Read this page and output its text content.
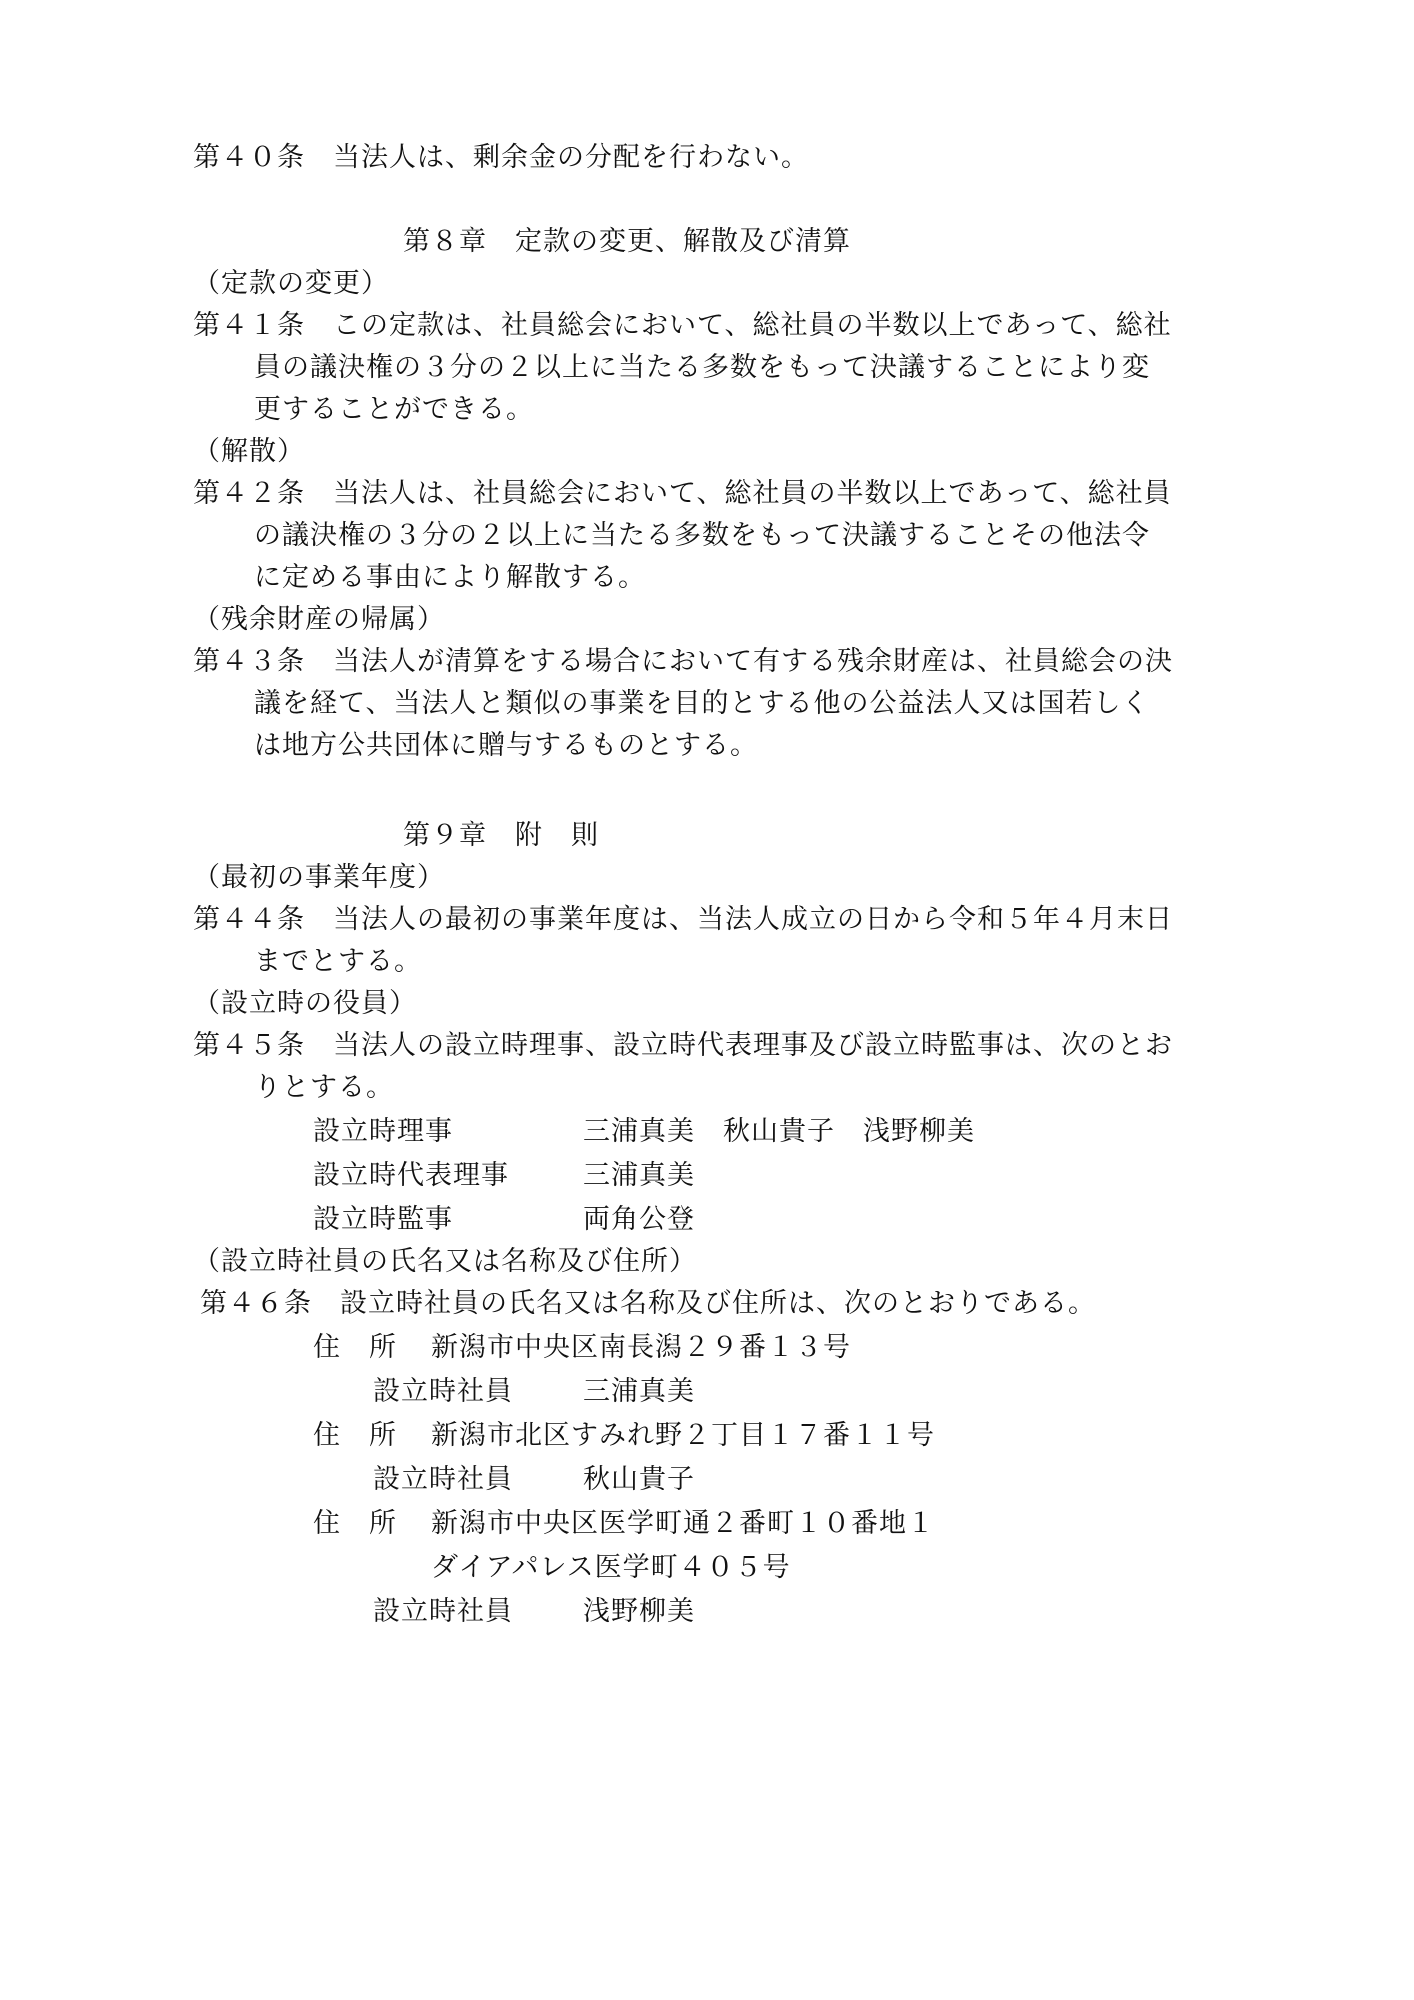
第４０条　当法人は、剰余金の分配を行わない。
第８章　定款の変更、解散及び清算
（定款の変更）
第４１条　この定款は、社員総会において、総社員の半数以上であって、総社
員の議決権の３分の２以上に当たる多数をもって決議することにより変
更することができる。
（解散）
第４２条　当法人は、社員総会において、総社員の半数以上であって、総社員
の議決権の３分の２以上に当たる多数をもって決議することその他法令
に定める事由により解散する。
（残余財産の帰属）
第４３条　当法人が清算をする場合において有する残余財産は、社員総会の決
議を経て、当法人と類似の事業を目的とする他の公益法人又は国若しく
は地方公共団体に贈与するものとする。
第９章　附　則
（最初の事業年度）
第４４条　当法人の最初の事業年度は、当法人成立の日から令和５年４月末日
までとする。
（設立時の役員）
第４５条　当法人の設立時理事、設立時代表理事及び設立時監事は、次のとお
りとする。
設立時理事	三浦真美　秋山貴子　浅野柳美
設立時代表理事	三浦真美
設立時監事	両角公登
（設立時社員の氏名又は名称及び住所）
第４６条　設立時社員の氏名又は名称及び住所は、次のとおりである。
住　所 新潟市中央区南長潟２９番１３号
設立時社員	三浦真美
住　所 新潟市北区すみれ野２丁目１７番１１号
設立時社員	秋山貴子
住　所 新潟市中央区医学町通２番町１０番地１
ダイアパレス医学町４０５号
設立時社員	浅野柳美
